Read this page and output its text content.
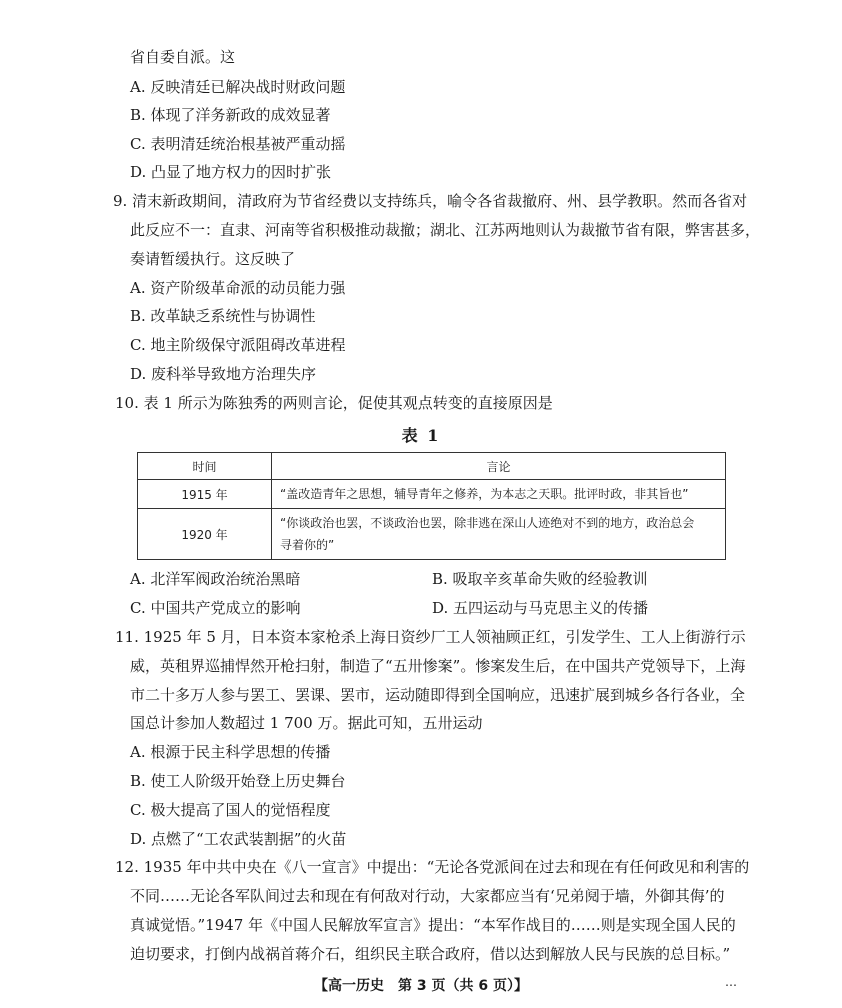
省自委自派。这
A. 反映清廷已解决战时财政问题
B. 体现了洋务新政的成效显著
C. 表明清廷统治根基被严重动摇
D. 凸显了地方权力的因时扩张
9. 清末新政期间，清政府为节省经费以支持练兵，喻令各省裁撤府、州、县学教职。然而各省对
此反应不一：直隶、河南等省积极推动裁撤；湖北、江苏两地则认为裁撤节省有限，弊害甚多，
奏请暂缓执行。这反映了
A. 资产阶级革命派的动员能力强
B. 改革缺乏系统性与协调性
C. 地主阶级保守派阻碍改革进程
D. 废科举导致地方治理失序
10. 表 1 所示为陈独秀的两则言论，促使其观点转变的直接原因是
表 1
时间	言论
1915 年	“盖改造青年之思想，辅导青年之修养，为本志之天职。批评时政，非其旨也”

1920 年	“你谈政治也罢，不谈政治也罢，除非逃在深山人迹绝对不到的地方，政治总会
寻着你的”
A. 北洋军阀政治统治黑暗	B. 吸取辛亥革命失败的经验教训
C. 中国共产党成立的影响	D. 五四运动与马克思主义的传播
11. 1925 年 5 月，日本资本家枪杀上海日资纱厂工人领袖顾正红，引发学生、工人上街游行示
威，英租界巡捕悍然开枪扫射，制造了“五卅惨案”。惨案发生后，在中国共产党领导下，上海
市二十多万人参与罢工、罢课、罢市，运动随即得到全国响应，迅速扩展到城乡各行各业，全
国总计参加人数超过 1 700 万。据此可知，五卅运动
A. 根源于民主科学思想的传播
B. 使工人阶级开始登上历史舞台
C. 极大提高了国人的觉悟程度
D. 点燃了“工农武装割据”的火苗
12. 1935 年中共中央在《八一宣言》中提出：“无论各党派间在过去和现在有任何政见和利害的
不同……无论各军队间过去和现在有何敌对行动，大家都应当有‘兄弟阋于墙，外御其侮’的
真诚觉悟。”1947 年《中国人民解放军宣言》提出：“本军作战目的……则是实现全国人民的
迫切要求，打倒内战祸首蒋介石，组织民主联合政府，借以达到解放人民与民族的总目标。”
【高一历史　第 3 页（共 6 页）】	…
